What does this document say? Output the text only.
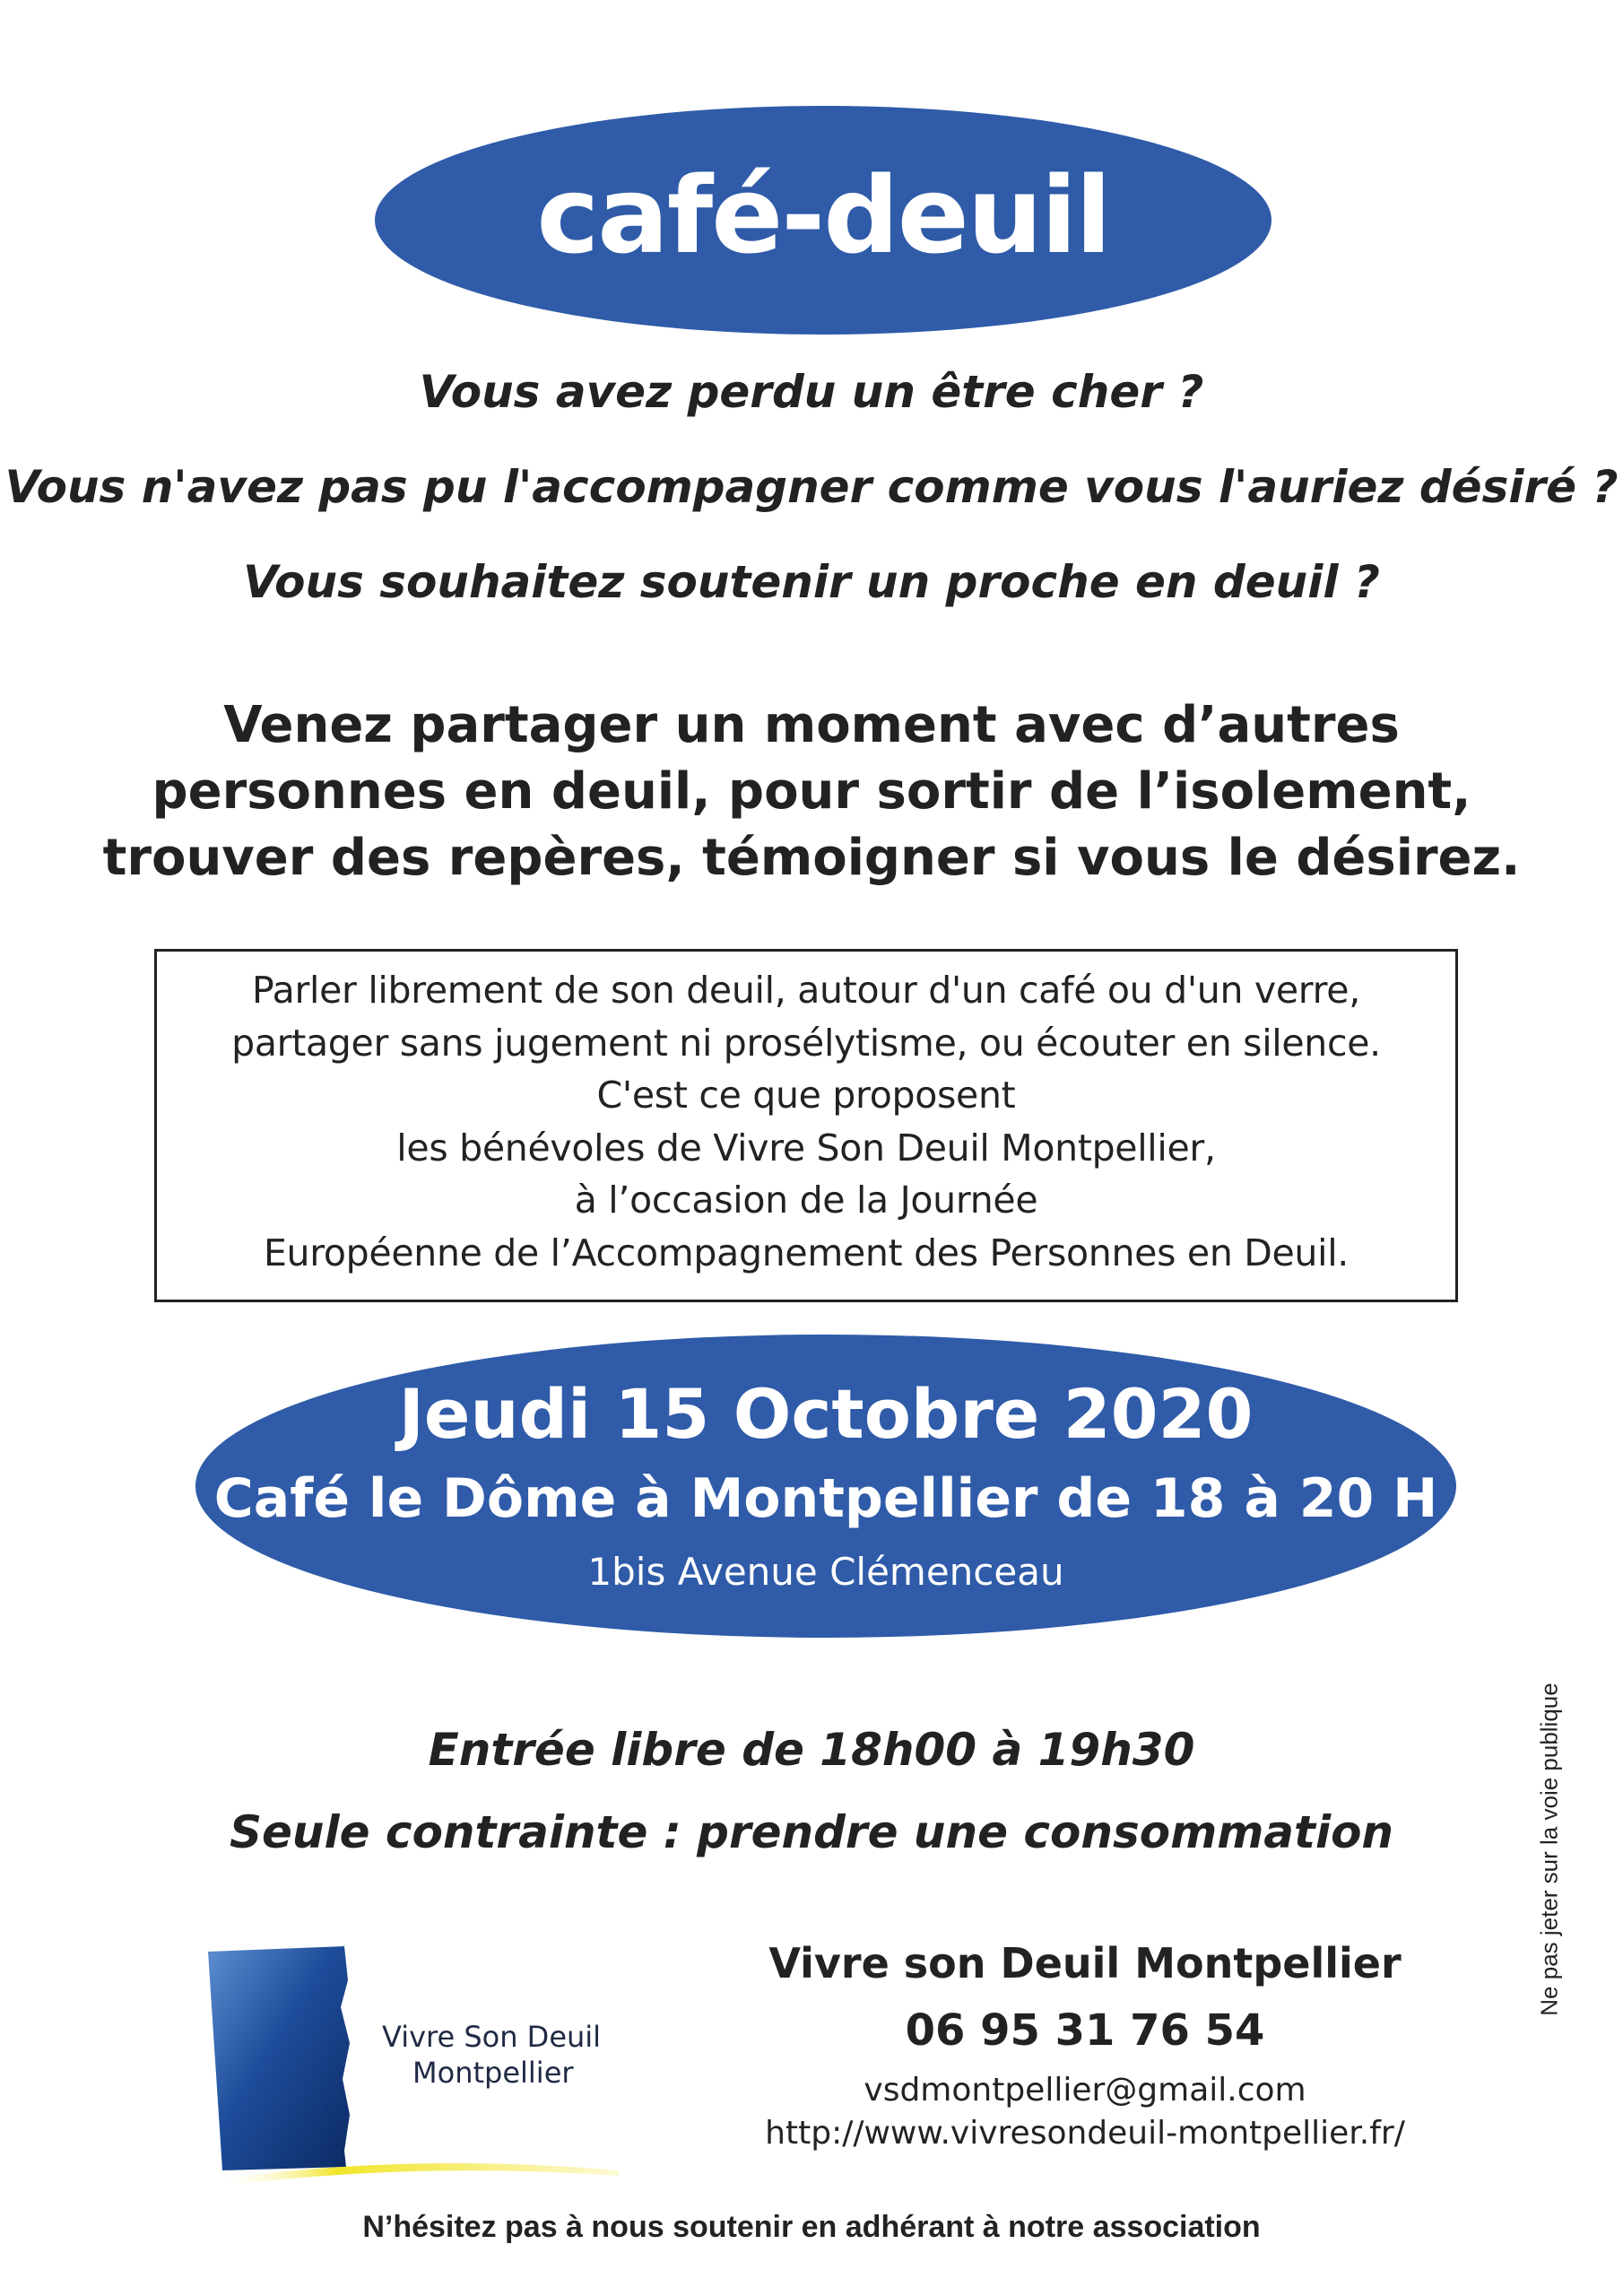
café-deuil
Vous avez perdu un être cher ?
Vous n'avez pas pu l'accompagner comme vous l'auriez désiré ?
Vous souhaitez soutenir un proche en deuil ?
Venez partager un moment avec d’autres
personnes en deuil, pour sortir de l’isolement,
trouver des repères, témoigner si vous le désirez.
Parler librement de son deuil, autour d'un café ou d'un verre,
partager sans jugement ni prosélytisme, ou écouter en silence.
C'est ce que proposent
les bénévoles de Vivre Son Deuil Montpellier,
à l’occasion de la Journée
Européenne de l’Accompagnement des Personnes en Deuil.
Jeudi 15 Octobre 2020
Café le Dôme à Montpellier de 18 à 20 H
1bis Avenue Clémenceau
Entrée libre de 18h00 à 19h30
Seule contrainte : prendre une consommation	Ne pas jeter sur la voie publique
Vivre Son Deuil
Montpellier
Vivre son Deuil Montpellier
06 95 31 76 54
vsdmontpellier@gmail.com
http://www.vivresondeuil-montpellier.fr/
N’hésitez pas à nous soutenir en adhérant à notre association
